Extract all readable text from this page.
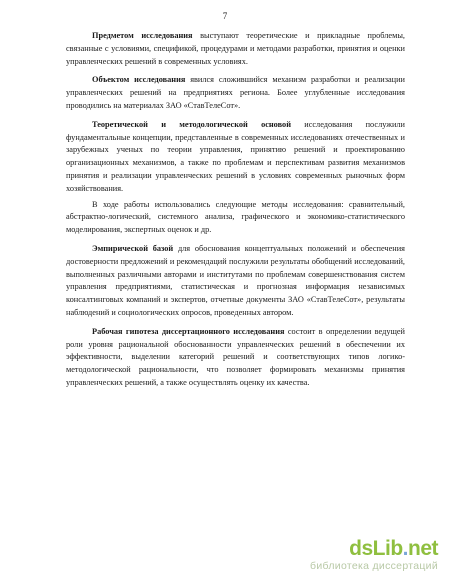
7

Предметом исследования выступают теоретические и прикладные проблемы, связанные с условиями, спецификой, процедурами и методами разработки, принятия и оценки управленческих решений в современных условиях.

Объектом исследования явился сложившийся механизм разработки и реализации управленческих решений на предприятиях региона. Более углубленные исследования проводились на материалах ЗАО «СтавТелеСот».

Теоретической и методологической основой исследования послужили фундаментальные концепции, представленные в современных исследованиях отечественных и зарубежных ученых по теории управления, принятию решений и проектированию организационных механизмов, а также по проблемам и перспективам развития механизмов принятия и реализации управленческих решений в условиях современных рыночных форм хозяйствования.

В ходе работы использовались следующие методы исследования: сравнительный, абстрактно-логический, системного анализа, графического и экономико-статистического моделирования, экспертных оценок и др.

Эмпирической базой для обоснования концептуальных положений и обеспечения достоверности предложений и рекомендаций послужили результаты обобщений исследований, выполненных различными авторами и институтами по проблемам совершенствования систем управления предприятиями, статистическая и прогнозная информация независимых консалтинговых компаний и экспертов, отчетные документы ЗАО «СтавТелеСот», результаты наблюдений и социологических опросов, проведенных автором.

Рабочая гипотеза диссертационного исследования состоит в определении ведущей роли уровня рациональной обоснованности управленческих решений в обеспечении их эффективности, выделении категорий решений и соответствующих типов логико-методологической рациональности, что позволяет формировать механизмы принятия управленческих решений, а также осуществлять оценку их качества.

dsLib.net
библиотека диссертаций
